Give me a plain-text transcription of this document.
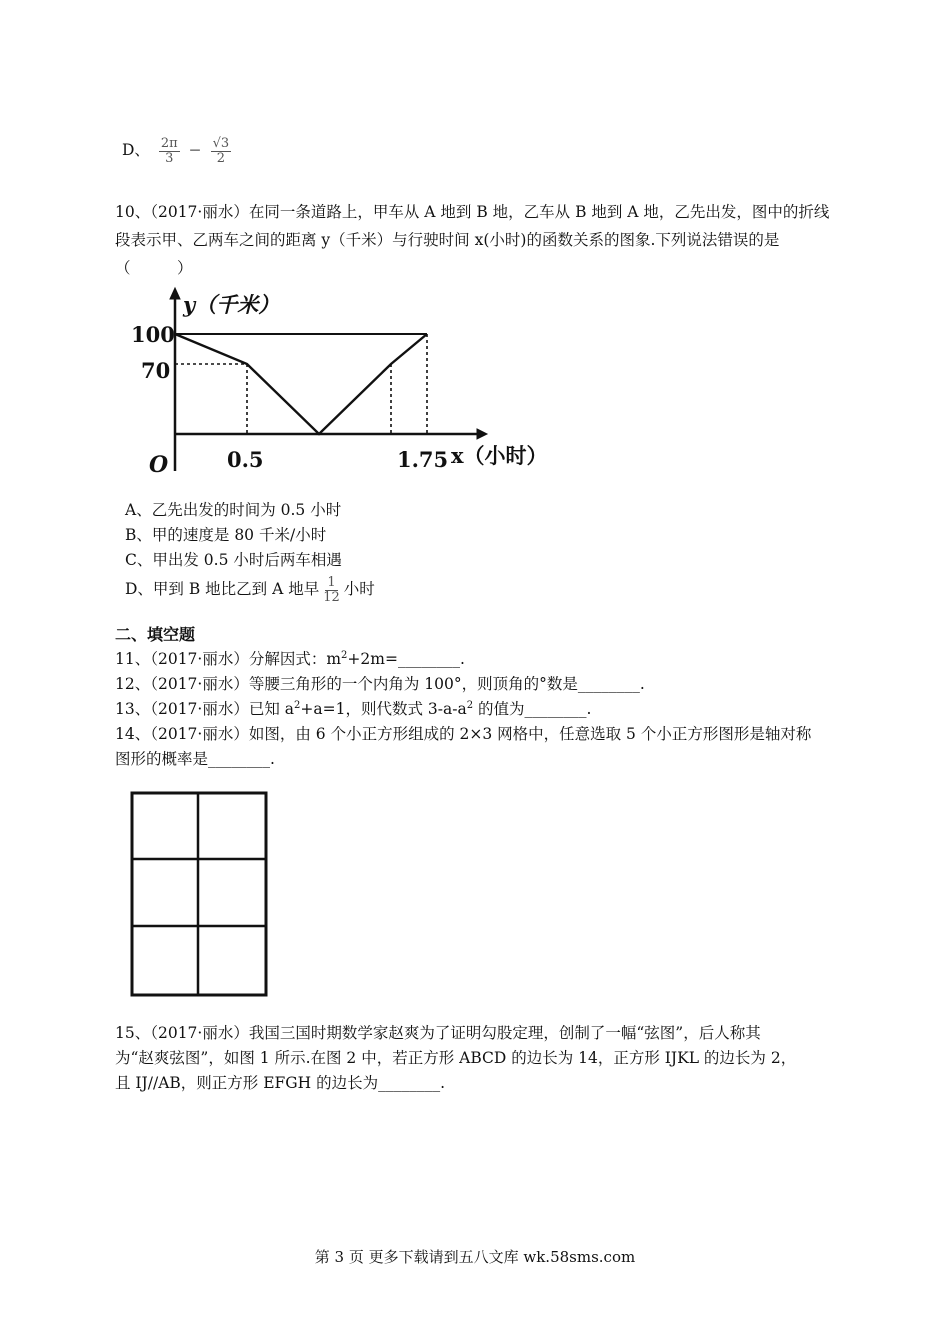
D、 $\frac{2\pi}{3} - \frac{√3}{2}$
10、（2017·丽水）在同一条道路上，甲车从 A 地到 B 地，乙车从 B 地到 A 地，乙先出发，图中的折线段表示甲、乙两车之间的距离 y（千米）与行驶时间 x(小时)的函数关系的图象.下列说法错误的是（　　　）
y（千米）
x（小时）
O
100
70
0.5	1.75
A、乙先出发的时间为 0.5 小时
B、甲的速度是 80 千米/小时
C、甲出发 0.5 小时后两车相遇
D、甲到 B 地比乙到 A 地早 $\frac{1}{12}$ 小时
二、填空题
11、（2017·丽水）分解因式：$m^2+2m=\_\_\_\_\_\_\_\_$.
12、（2017·丽水）等腰三角形的一个内角为 100°，则顶角的°数是________.
13、（2017·丽水）已知 $a^2+a=1$，则代数式 $3-a-a^2$ 的值为________.
14、（2017·丽水）如图，由 6 个小正方形组成的 2×3 网格中，任意选取 5 个小正方形图形是轴对称
图形的概率是________.
15、（2017·丽水）我国三国时期数学家赵爽为了证明勾股定理，创制了一幅“弦图”，后人称其
为“赵爽弦图”，如图 1 所示.在图 2 中，若正方形 ABCD 的边长为 14，正方形 IJKL 的边长为 2，
且 IJ//AB，则正方形 EFGH 的边长为________.
第 3 页 更多下载请到五八文库 wk.58sms.com
